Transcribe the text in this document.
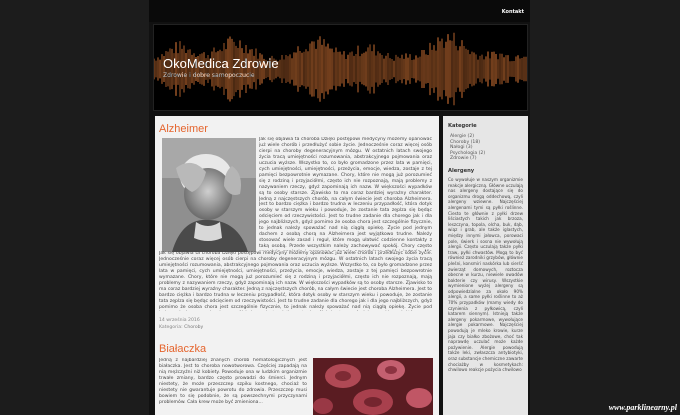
Kontakt
OkoMedica Zdrowie
Zdrowie i dobre samopoczucie
Alzheimer

Jak się objawia ta choroba Dzięki postępowi medycyny możemy opanować już wiele chorób i przedłużyć sobie życie. Jednocześnie coraz więcej osób cierpi na choroby degeneracyjnym mózgu. W ostatnich latach swojego życia tracą umiejętności rozumowania, abstrakcyjnego pojmowania oraz uczucia wyższe. Wszystko to, co było gromadzone przez lata w pamięci, cych umiejętności, umiejętności, przeżycia, emocje, wiedza, zostaje z tej pamięci bezpowrotnie wymazane. Chory, które nie mogą już porozumieć się z rodziną i przyjaciółmi, często ich nie rozpoznają, mają problemy z nazywaniem rzeczy, gdyż zapominają ich nazw. W większości wypadków są to osoby starsze. Zjawisko to ma coraz bardziej wyraźny charakter. Jedną z najczęstszych chorób, na całym świecie jest choroba Alzheimera. Jest to bardzo ciężka i bardzo trudna w leczeniu przypadłość, która dotyk osoby w starszym wieku i powoduje, że zostanie tata zęplza się będąc odcięciem od rzeczywistości. Jest to trudne zadanie dla chorego jak i dla jego najbliższych, gdyż pomimo że osoba chora jest szczególnie fizycznie, to jednak należy spoważać nad nią ciągłą opiekę. Życie pod jednym dachem z osobą chorą na Alzheimera jest wyjątkowo trudne. Należy stosować wiele zasad i reguł, które mogą ułatwić codzienne kontakty z taką osobą. Przede wszystkim należy zachowywać spokój. Chory często

Jak się objawia ta choroba Dzięki postępowi medycyny możemy opanować już wiele chorób i przedłużyć sobie życie. Jednocześnie coraz więcej osób cierpi na choroby degeneracyjnym mózgu. W ostatnich latach swojego życia tracą umiejętności rozumowania, abstrakcyjnego pojmowania oraz uczucia wyższe. Wszystko to, co było gromadzone przez lata w pamięci, cych umiejętności, umiejętności, przeżycia, emocje, wiedza, zostaje z tej pamięci bezpowrotnie wymazane. Chory, które nie mogą już porozumieć się z rodziną i przyjaciółmi, często ich nie rozpoznają, mają problemy z nazywaniem rzeczy, gdyż zapominają ich nazw. W większości wypadków są to osoby starsze. Zjawisko to ma coraz bardziej wyraźny charakter. Jedną z najczęstszych chorób, na całym świecie jest choroba Alzheimera. Jest to bardzo ciężka i bardzo trudna w leczeniu przypadłość, która dotyk osoby w starszym wieku i powoduje, że zostanie tata zęplza się będąc odcięciem od rzeczywistości. Jest to trudne zadanie dla chorego jak i dla jego najbliższych, gdyż pomimo że osoba chora jest szczególnie fizycznie, to jednak należy spoważać nad nią ciągłą opiekę. Życie pod

14 września 2016
Kategoria: Choroby
Białaczka

Jedną z najbardziej znanych chorób hematologicznych jest białaczka. Jest to choroba nowotworowa. Częściej zapadają na nią mężczyźni niż kobiety. Powoduje ona w ludzkim organizmie trwałe zmiany, bardzo często prowadzi do śmierci. Jednym niestety, że może przeszczep szpiku kostnego, chociaż to niestety nie gwarantuje powrotu do zdrowia. Przeszczep musi bowiem to się podobnie, że są powszechnymi przyczynami problemów. Cała krew może być zmieniona...

Kategorie
Alergie (2)
Choroby (18)
Nałogi (3)
Psychologia (2)
Zdrowie (7)
Alergeny

Co wywołuje w naszym organizmie reakcje alergiczną. Główne uczulają nas alergeny dostające się do organizmu drogą oddechową, czyli alergeny wziewne. Najczęściej alergenami tymi są pyłki roślinne. Ciesto te głównie z pyłki drzew liściastych takich jak brzoza, leszczyna, topola, olcha, buk, dąb, wiąz i grab, ale także iglastych, między innymi jałowca, porowaci pole, świerk i sosna nie wywołują alergii. Często uczulają także pyłki traw, pyłki chwastów. Mogą to być również zarodniki grzybów, głównie pleśni, konsmiri naskórka lub sierść zwierząt domowych, roztocza obecne w kurzu, niewiele owadów bakterie czy wirusy. Wszystkie wymienione wyżej alergeny są odpowiedzialne za około 90% alergii, a same pyłki roślinne to aż 70% przypadków (mamy wiedy do czynienia z pyłkowicą, czyli katarem siennym). Istnieją także alergeny pokarmowe, wywołujące alergie pokarmowe. Najczęściej powodują je mleko krowie, kurze jaja czy białko zbożowe, choć tak naprawdę uczulać może każde pożywienie. Alergie powodują także leki, zwłaszcza antybiotyki, oraz substancje chemiczne zawarte chociażby w kosmetykach: chwilowo reakcje pożycia chwilowo

www.parklinearny.pl
